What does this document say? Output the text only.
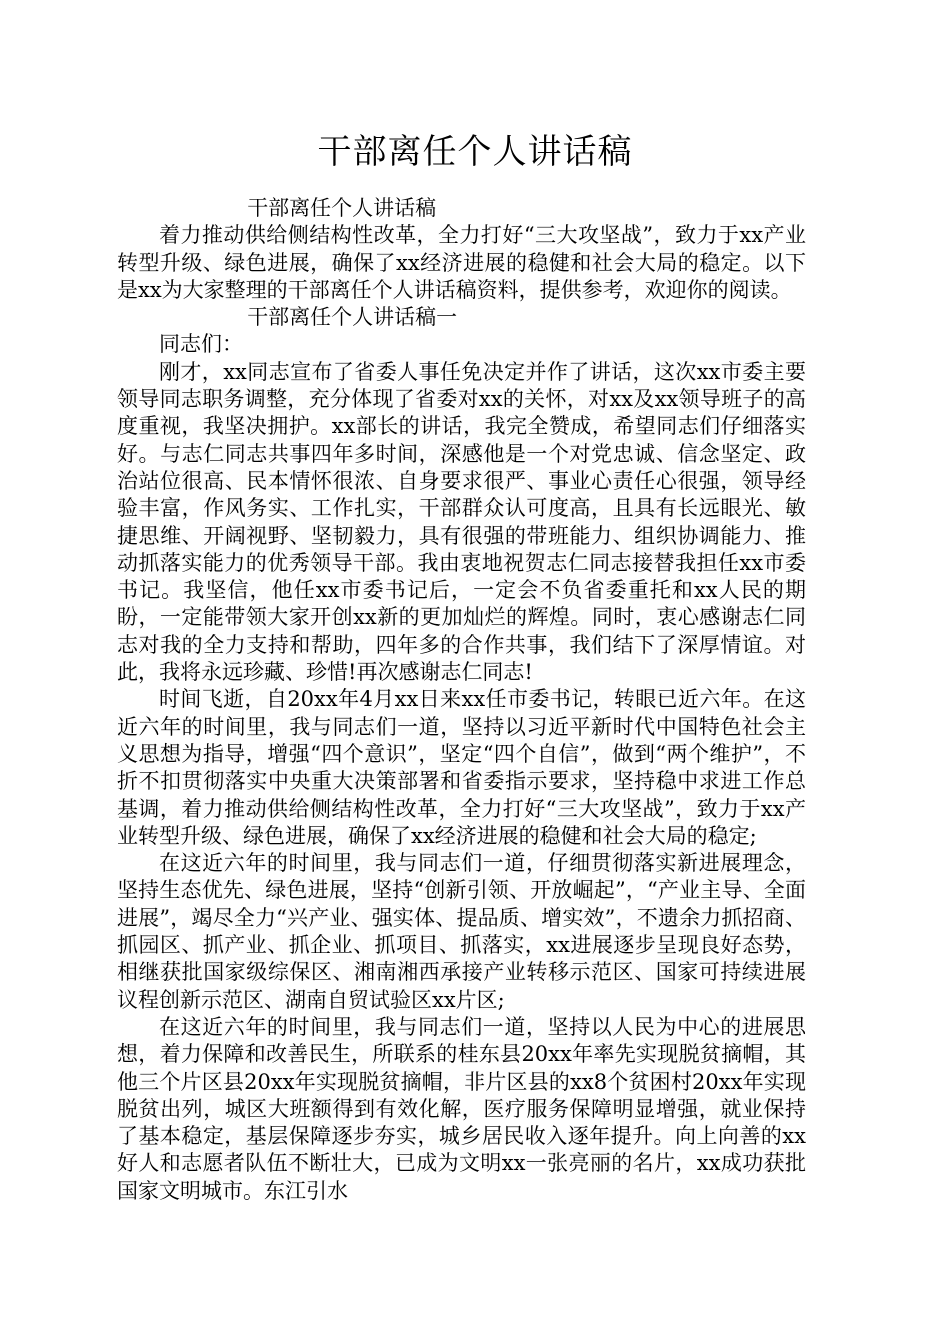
干部离任个人讲话稿

干部离任个人讲话稿

着力推动供给侧结构性改革，全力打好“三大攻坚战”，致力于xx产业转型升级、绿色进展，确保了xx经济进展的稳健和社会大局的稳定。以下是xx为大家整理的干部离任个人讲话稿资料，提供参考，欢迎你的阅读。

干部离任个人讲话稿一

同志们：

刚才，xx同志宣布了省委人事任免决定并作了讲话，这次xx市委主要领导同志职务调整，充分体现了省委对xx的关怀，对xx及xx领导班子的高度重视，我坚决拥护。xx部长的讲话，我完全赞成，希望同志们仔细落实好。与志仁同志共事四年多时间，深感他是一个对党忠诚、信念坚定、政治站位很高、民本情怀很浓、自身要求很严、事业心责任心很强，领导经验丰富，作风务实、工作扎实，干部群众认可度高，且具有长远眼光、敏捷思维、开阔视野、坚韧毅力，具有很强的带班能力、组织协调能力、推动抓落实能力的优秀领导干部。我由衷地祝贺志仁同志接替我担任xx市委书记。我坚信，他任xx市委书记后，一定会不负省委重托和xx人民的期盼，一定能带领大家开创xx新的更加灿烂的辉煌。同时，衷心感谢志仁同志对我的全力支持和帮助，四年多的合作共事，我们结下了深厚情谊。对此，我将永远珍藏、珍惜!再次感谢志仁同志!

时间飞逝，自20xx年4月xx日来xx任市委书记，转眼已近六年。在这近六年的时间里，我与同志们一道，坚持以习近平新时代中国特色社会主义思想为指导，增强“四个意识”，坚定“四个自信”，做到“两个维护”，不折不扣贯彻落实中央重大决策部署和省委指示要求，坚持稳中求进工作总基调，着力推动供给侧结构性改革，全力打好“三大攻坚战”，致力于xx产业转型升级、绿色进展，确保了xx经济进展的稳健和社会大局的稳定;

在这近六年的时间里，我与同志们一道，仔细贯彻落实新进展理念，坚持生态优先、绿色进展，坚持“创新引领、开放崛起”，“产业主导、全面进展”，竭尽全力“兴产业、强实体、提品质、增实效”，不遗余力抓招商、抓园区、抓产业、抓企业、抓项目、抓落实，xx进展逐步呈现良好态势，相继获批国家级综保区、湘南湘西承接产业转移示范区、国家可持续进展议程创新示范区、湖南自贸试验区xx片区;

在这近六年的时间里，我与同志们一道，坚持以人民为中心的进展思想，着力保障和改善民生，所联系的桂东县20xx年率先实现脱贫摘帽，其他三个片区县20xx年实现脱贫摘帽，非片区县的xx8个贫困村20xx年实现脱贫出列，城区大班额得到有效化解，医疗服务保障明显增强，就业保持了基本稳定，基层保障逐步夯实，城乡居民收入逐年提升。向上向善的xx好人和志愿者队伍不断壮大，已成为文明xx一张亮丽的名片，xx成功获批国家文明城市。东江引水
